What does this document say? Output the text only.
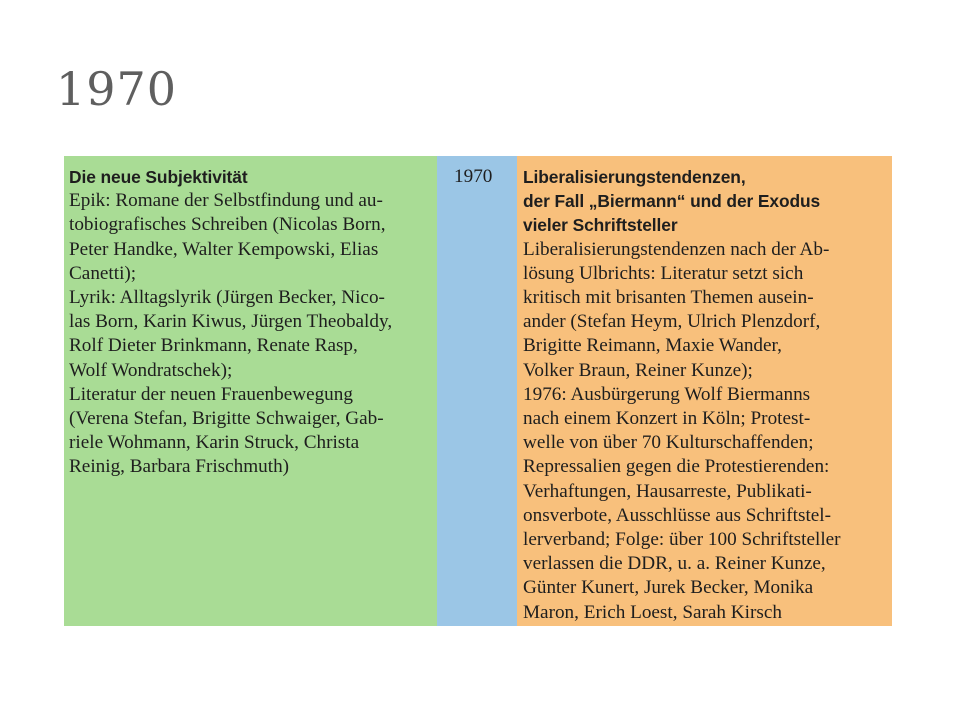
1970
Die neue Subjektivität
Epik: Romane der Selbstfindung und au-
tobiografisches Schreiben (Nicolas Born,
Peter Handke, Walter Kempowski, Elias
Canetti);
Lyrik: Alltagslyrik (Jürgen Becker, Nico-
las Born, Karin Kiwus, Jürgen Theobaldy,
Rolf Dieter Brinkmann, Renate Rasp,
Wolf Wondratschek);
Literatur der neuen Frauenbewegung
(Verena Stefan, Brigitte Schwaiger, Gab-
riele Wohmann, Karin Struck, Christa
Reinig, Barbara Frischmuth)
1970	Liberalisierungstendenzen,
der Fall „Biermann“ und der Exodus
vieler Schriftsteller
Liberalisierungstendenzen nach der Ab-
lösung Ulbrichts: Literatur setzt sich
kritisch mit brisanten Themen ausein-
ander (Stefan Heym, Ulrich Plenzdorf,
Brigitte Reimann, Maxie Wander,
Volker Braun, Reiner Kunze);
1976: Ausbürgerung Wolf Biermanns
nach einem Konzert in Köln; Protest-
welle von über 70 Kulturschaffenden;
Repressalien gegen die Protestierenden:
Verhaftungen, Hausarreste, Publikati-
onsverbote, Ausschlüsse aus Schriftstel-
lerverband; Folge: über 100 Schriftsteller
verlassen die DDR, u. a. Reiner Kunze,
Günter Kunert, Jurek Becker, Monika
Maron, Erich Loest, Sarah Kirsch
